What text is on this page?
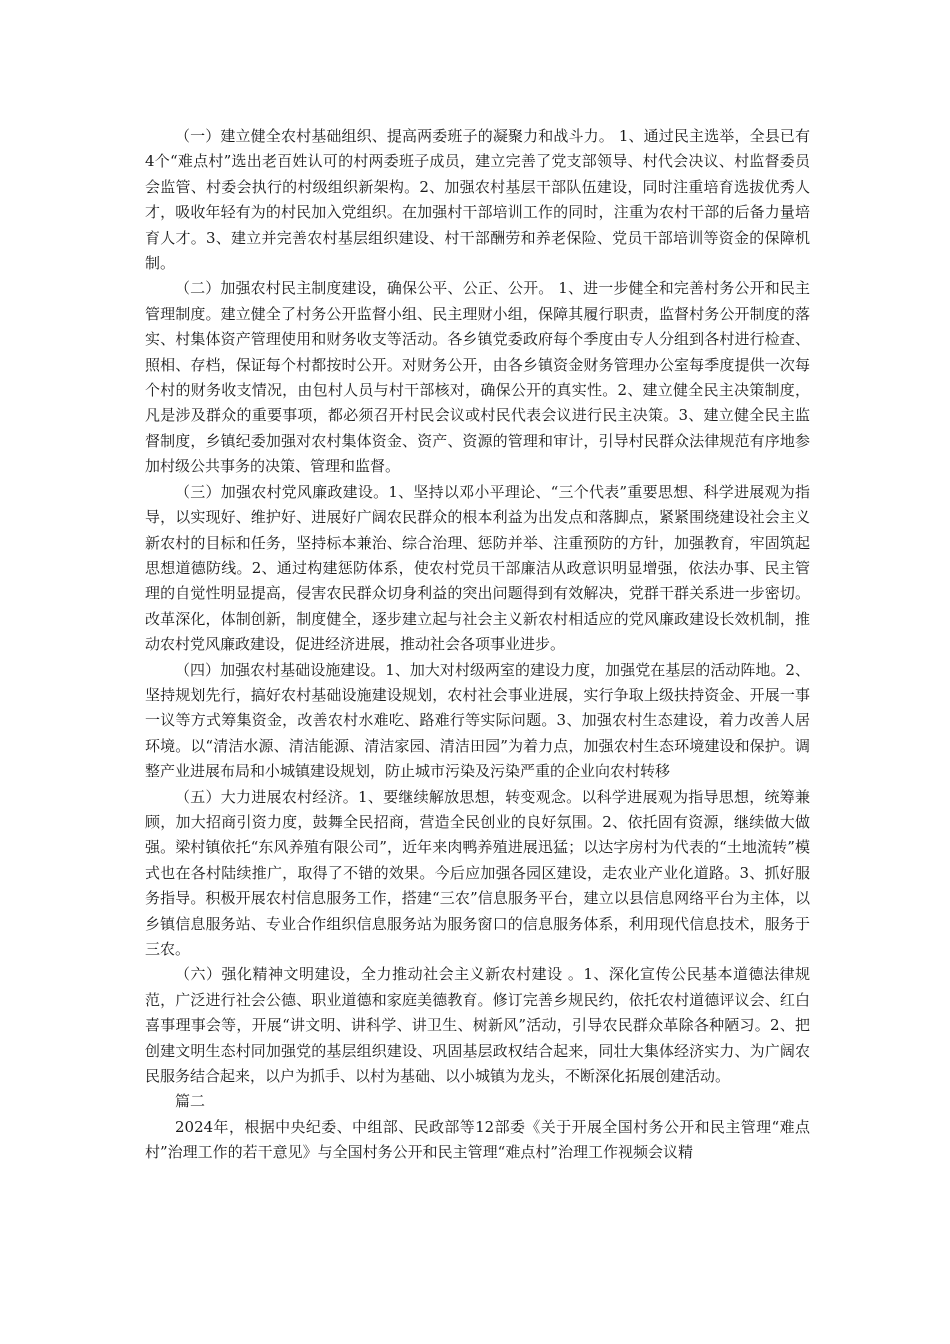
（一）建立健全农村基础组织、提高两委班子的凝聚力和战斗力。 1、通过民主选举，全县已有4个“难点村”选出老百姓认可的村两委班子成员，建立完善了党支部领导、村代会决议、村监督委员会监管、村委会执行的村级组织新架构。2、加强农村基层干部队伍建设，同时注重培育选拔优秀人才，吸收年轻有为的村民加入党组织。在加强村干部培训工作的同时，注重为农村干部的后备力量培育人才。3、建立并完善农村基层组织建设、村干部酬劳和养老保险、党员干部培训等资金的保障机制。

（二）加强农村民主制度建设，确保公平、公正、公开。 1、进一步健全和完善村务公开和民主管理制度。建立健全了村务公开监督小组、民主理财小组，保障其履行职责，监督村务公开制度的落实、村集体资产管理使用和财务收支等活动。各乡镇党委政府每个季度由专人分组到各村进行检查、照相、存档，保证每个村都按时公开。对财务公开，由各乡镇资金财务管理办公室每季度提供一次每个村的财务收支情况，由包村人员与村干部核对，确保公开的真实性。2、建立健全民主决策制度，凡是涉及群众的重要事项，都必须召开村民会议或村民代表会议进行民主决策。3、建立健全民主监督制度，乡镇纪委加强对农村集体资金、资产、资源的管理和审计，引导村民群众法律规范有序地参加村级公共事务的决策、管理和监督。

（三）加强农村党风廉政建设。1、坚持以邓小平理论、“三个代表”重要思想、科学进展观为指导，以实现好、维护好、进展好广阔农民群众的根本利益为出发点和落脚点，紧紧围绕建设社会主义新农村的目标和任务，坚持标本兼治、综合治理、惩防并举、注重预防的方针，加强教育，牢固筑起思想道德防线。2、通过构建惩防体系，使农村党员干部廉洁从政意识明显增强，依法办事、民主管理的自觉性明显提高，侵害农民群众切身利益的突出问题得到有效解决，党群干群关系进一步密切。改革深化，体制创新，制度健全，逐步建立起与社会主义新农村相适应的党风廉政建设长效机制，推动农村党风廉政建设，促进经济进展，推动社会各项事业进步。

（四）加强农村基础设施建设。1、加大对村级两室的建设力度，加强党在基层的活动阵地。2、坚持规划先行，搞好农村基础设施建设规划，农村社会事业进展，实行争取上级扶持资金、开展一事一议等方式筹集资金，改善农村水难吃、路难行等实际问题。3、加强农村生态建设，着力改善人居环境。以“清洁水源、清洁能源、清洁家园、清洁田园”为着力点，加强农村生态环境建设和保护。调整产业进展布局和小城镇建设规划，防止城市污染及污染严重的企业向农村转移

（五）大力进展农村经济。1、要继续解放思想，转变观念。以科学进展观为指导思想，统筹兼顾，加大招商引资力度，鼓舞全民招商，营造全民创业的良好氛围。2、依托固有资源，继续做大做强。梁村镇依托“东风养殖有限公司”，近年来肉鸭养殖进展迅猛；以达字房村为代表的“土地流转”模式也在各村陆续推广，取得了不错的效果。今后应加强各园区建设，走农业产业化道路。3、抓好服务指导。积极开展农村信息服务工作，搭建“三农”信息服务平台，建立以县信息网络平台为主体，以乡镇信息服务站、专业合作组织信息服务站为服务窗口的信息服务体系，利用现代信息技术，服务于三农。

（六）强化精神文明建设，全力推动社会主义新农村建设 。1、深化宣传公民基本道德法律规范，广泛进行社会公德、职业道德和家庭美德教育。修订完善乡规民约，依托农村道德评议会、红白喜事理事会等，开展“讲文明、讲科学、讲卫生、树新风”活动，引导农民群众革除各种陋习。2、把创建文明生态村同加强党的基层组织建设、巩固基层政权结合起来，同壮大集体经济实力、为广阔农民服务结合起来，以户为抓手、以村为基础、以小城镇为龙头，不断深化拓展创建活动。

篇二

2024年，根据中央纪委、中组部、民政部等12部委《关于开展全国村务公开和民主管理“难点村”治理工作的若干意见》与全国村务公开和民主管理“难点村”治理工作视频会议精
